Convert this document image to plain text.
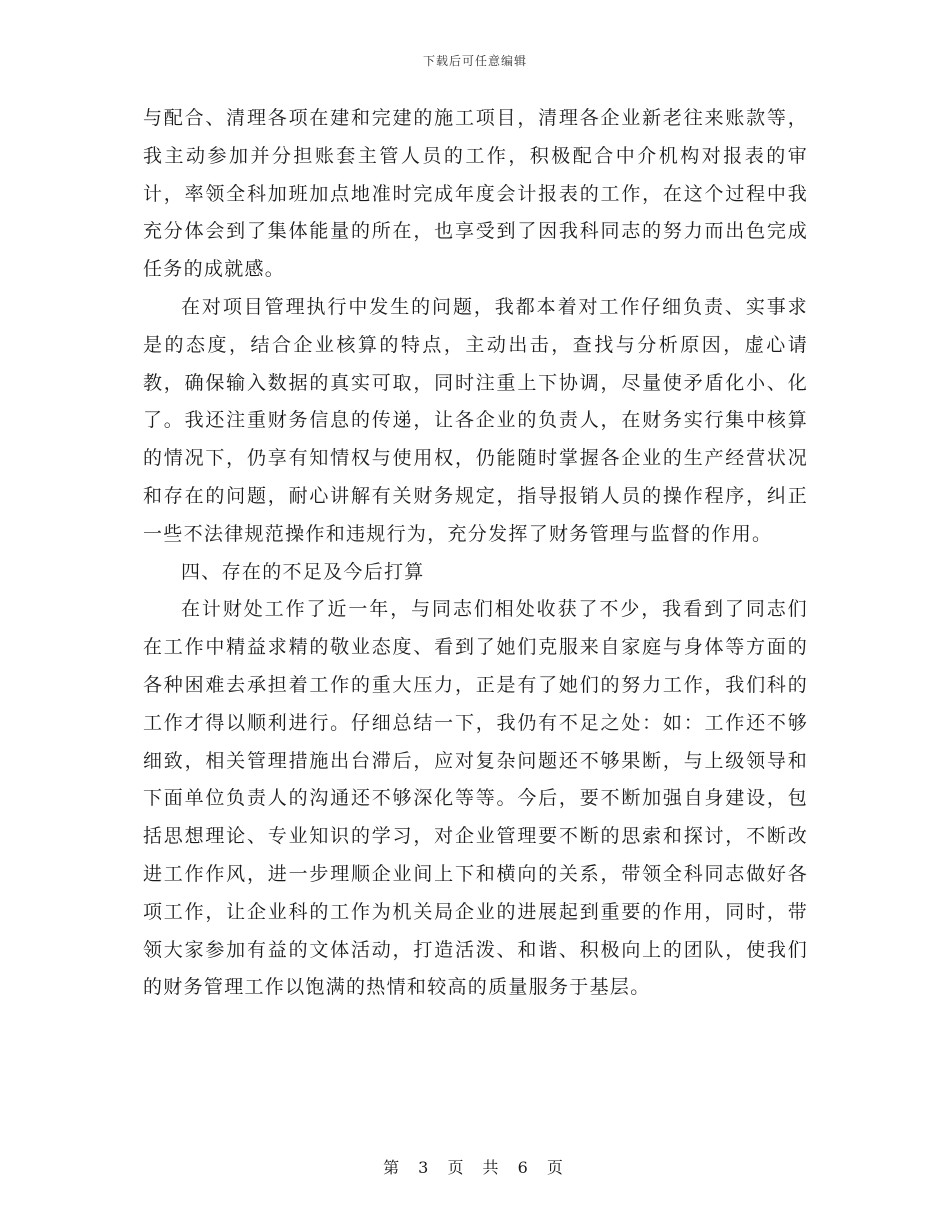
下载后可任意编辑

与配合、清理各项在建和完建的施工项目，清理各企业新老往来账款等，我主动参加并分担账套主管人员的工作，积极配合中介机构对报表的审计，率领全科加班加点地准时完成年度会计报表的工作，在这个过程中我充分体会到了集体能量的所在，也享受到了因我科同志的努力而出色完成任务的成就感。

在对项目管理执行中发生的问题，我都本着对工作仔细负责、实事求是的态度，结合企业核算的特点，主动出击，查找与分析原因，虚心请教，确保输入数据的真实可取，同时注重上下协调，尽量使矛盾化小、化了。我还注重财务信息的传递，让各企业的负责人，在财务实行集中核算的情况下，仍享有知情权与使用权，仍能随时掌握各企业的生产经营状况和存在的问题，耐心讲解有关财务规定，指导报销人员的操作程序，纠正一些不法律规范操作和违规行为，充分发挥了财务管理与监督的作用。

四、存在的不足及今后打算

在计财处工作了近一年，与同志们相处收获了不少，我看到了同志们在工作中精益求精的敬业态度、看到了她们克服来自家庭与身体等方面的各种困难去承担着工作的重大压力，正是有了她们的努力工作，我们科的工作才得以顺利进行。仔细总结一下，我仍有不足之处：如：工作还不够细致，相关管理措施出台滞后，应对复杂问题还不够果断，与上级领导和下面单位负责人的沟通还不够深化等等。今后，要不断加强自身建设，包括思想理论、专业知识的学习，对企业管理要不断的思索和探讨，不断改进工作作风，进一步理顺企业间上下和横向的关系，带领全科同志做好各项工作，让企业科的工作为机关局企业的进展起到重要的作用，同时，带领大家参加有益的文体活动，打造活泼、和谐、积极向上的团队，使我们的财务管理工作以饱满的热情和较高的质量服务于基层。

第 3 页 共 6 页
